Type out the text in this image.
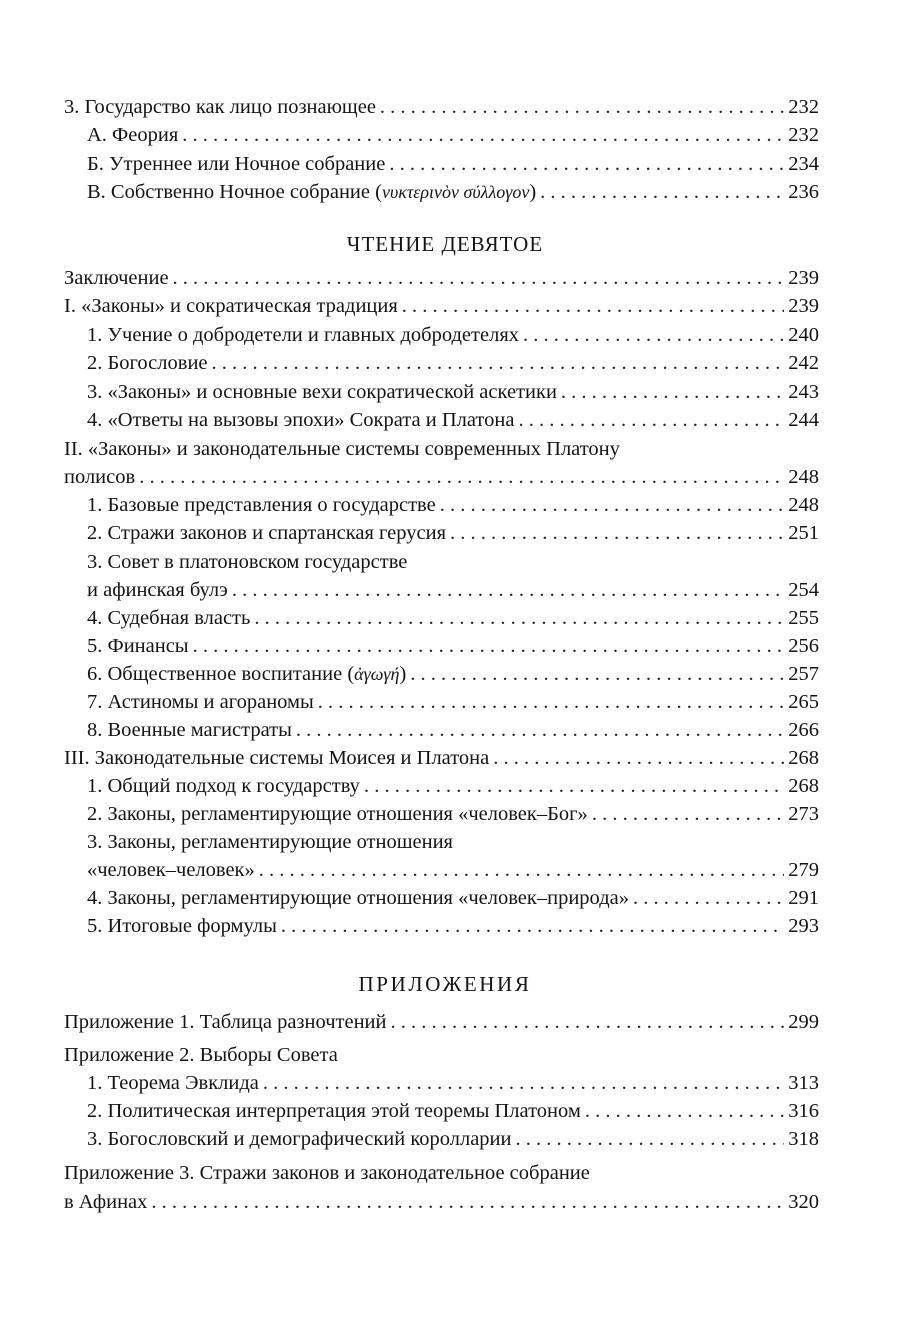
3. Государство как лицо познающее . . .	232
А. Феория . . .	232
Б. Утреннее или Ночное собрание . . .	234
В. Собственно Ночное собрание (νυκτερινὸν σύλλογον) . . .	236
ЧТЕНИЕ ДЕВЯТОЕ
Заключение . . .	239
I. «Законы» и сократическая традиция . . .	239
1. Учение о добродетели и главных добродетелях . . .	240
2. Богословие . . .	242
3. «Законы» и основные вехи сократической аскетики . . .	243
4. «Ответы на вызовы эпохи» Сократа и Платона . . .	244
II. «Законы» и законодательные системы современных Платону
полисов . . .	248
1. Базовые представления о государстве . . .	248
2. Стражи законов и спартанская герусия . . .	251
3. Совет в платоновском государстве
и афинская булэ . . .	254
4. Судебная власть . . .	255
5. Финансы . . .	256
6. Общественное воспитание (ἀγωγή) . . .	257
7. Астиномы и агораномы . . .	265
8. Военные магистраты . . .	266
III. Законодательные системы Моисея и Платона . . .	268
1. Общий подход к государству . . .	268
2. Законы, регламентирующие отношения «человек–Бог» . . .	273
3. Законы, регламентирующие отношения
«человек–человек» . . .	279
4. Законы, регламентирующие отношения «человек–природа» . . .	291
5. Итоговые формулы . . .	293
ПРИЛОЖЕНИЯ
Приложение 1. Таблица разночтений . . .	299
Приложение 2. Выборы Совета
1. Теорема Эвклида . . .	313
2. Политическая интерпретация этой теоремы Платоном . . .	316
3. Богословский и демографический королларии . . .	318
Приложение 3. Стражи законов и законодательное собрание
в Афинах . . .	320
